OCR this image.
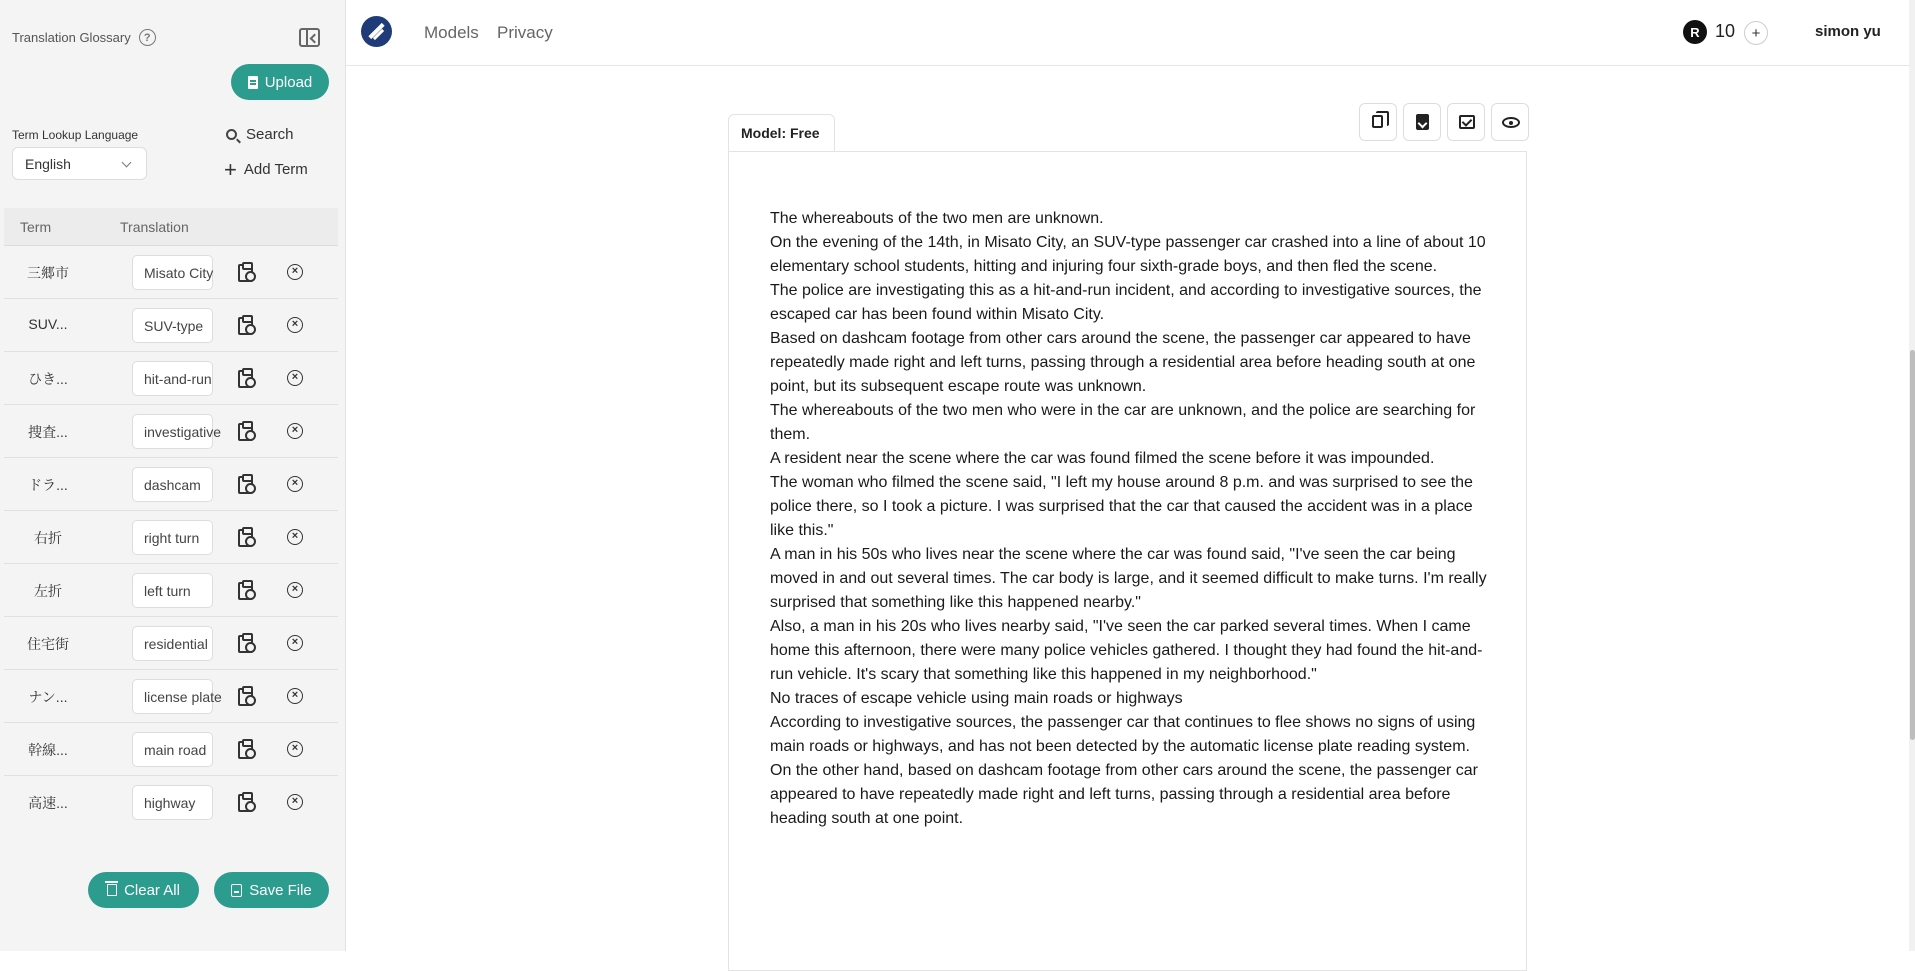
Translation Glossary	?
Upload
Term Lookup Language
English
Search
+ Add Term
Term	Translation
三郷市	Misato City	×
SUV...	SUV-type	×
ひき...	hit-and-run	×
捜査...	investigative	×
ドラ...	dashcam	×
右折	right turn	×
左折	left turn	×
住宅街	residential	×
ナン...	license plate	×
幹線...	main road	×
高速...	highway	×
Clear All	Save File
Models Privacy	R 10	+	simon yu
Model: Free

The whereabouts of the two men are unknown.

On the evening of the 14th, in Misato City, an SUV-type passenger car crashed into a line of about 10 elementary school students, hitting and injuring four sixth-grade boys, and then fled the scene.

The police are investigating this as a hit-and-run incident, and according to investigative sources, the escaped car has been found within Misato City.

Based on dashcam footage from other cars around the scene, the passenger car appeared to have repeatedly made right and left turns, passing through a residential area before heading south at one point, but its subsequent escape route was unknown.

The whereabouts of the two men who were in the car are unknown, and the police are searching for them.

A resident near the scene where the car was found filmed the scene before it was impounded.

The woman who filmed the scene said, "I left my house around 8 p.m. and was surprised to see the police there, so I took a picture. I was surprised that the car that caused the accident was in a place like this."

A man in his 50s who lives near the scene where the car was found said, "I've seen the car being moved in and out several times. The car body is large, and it seemed difficult to make turns. I'm really surprised that something like this happened nearby."

Also, a man in his 20s who lives nearby said, "I've seen the car parked several times. When I came home this afternoon, there were many police vehicles gathered. I thought they had found the hit-and-run vehicle. It's scary that something like this happened in my neighborhood."

No traces of escape vehicle using main roads or highways

According to investigative sources, the passenger car that continues to flee shows no signs of using main roads or highways, and has not been detected by the automatic license plate reading system.

On the other hand, based on dashcam footage from other cars around the scene, the passenger car appeared to have repeatedly made right and left turns, passing through a residential area before heading south at one point.
